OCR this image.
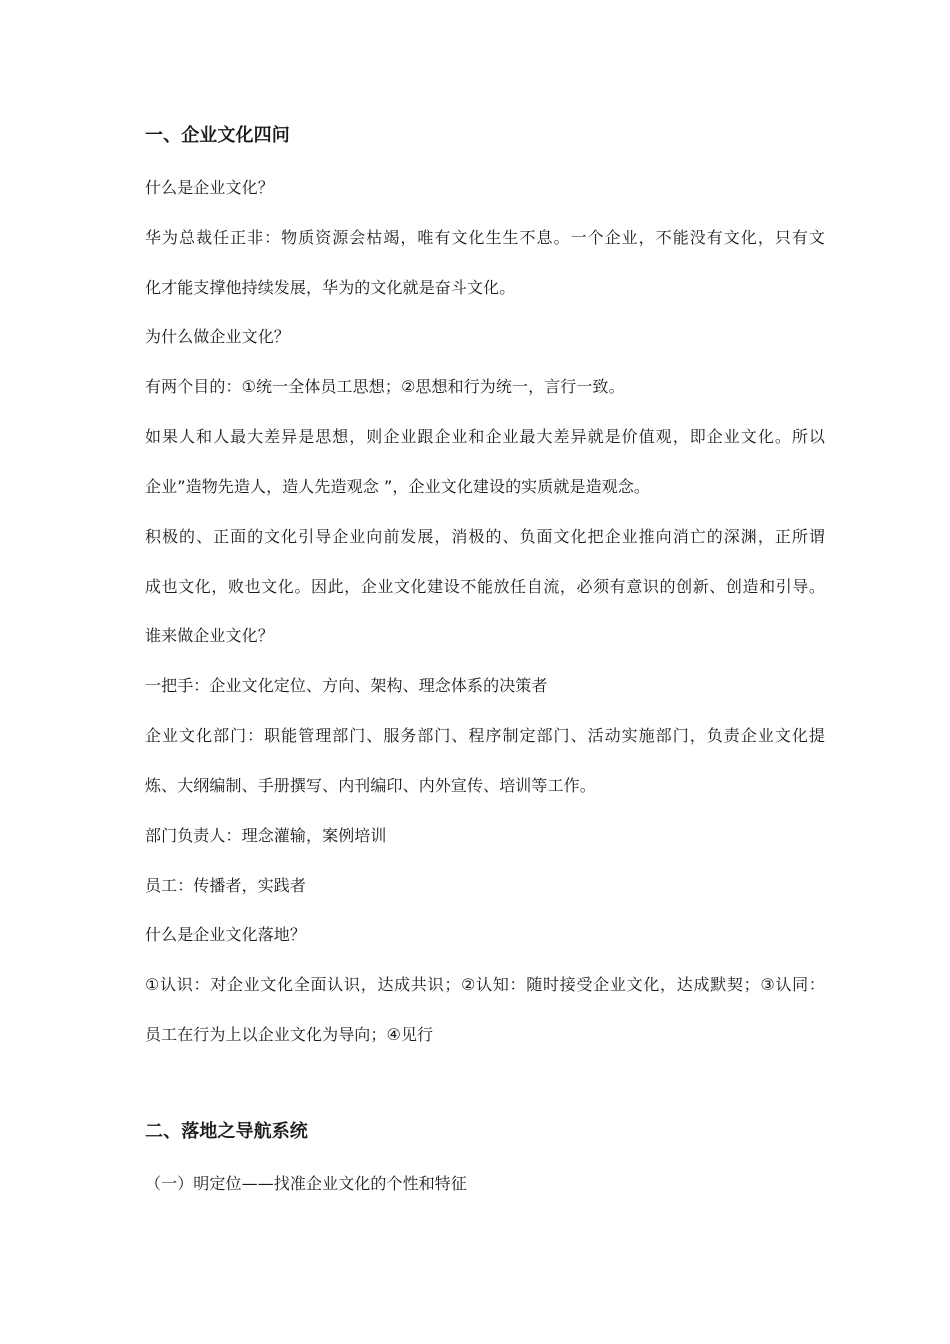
一、企业文化四问
什么是企业文化？
华为总裁任正非：物质资源会枯竭，唯有文化生生不息。一个企业，不能没有文化，只有文
化才能支撑他持续发展，华为的文化就是奋斗文化。
为什么做企业文化？
有两个目的：①统一全体员工思想；②思想和行为统一，言行一致。
如果人和人最大差异是思想，则企业跟企业和企业最大差异就是价值观，即企业文化。所以
企业”造物先造人，造人先造观念 ”，企业文化建设的实质就是造观念。
积极的、正面的文化引导企业向前发展，消极的、负面文化把企业推向消亡的深渊，正所谓
成也文化，败也文化。因此，企业文化建设不能放任自流，必须有意识的创新、创造和引导。
谁来做企业文化？
一把手：企业文化定位、方向、架构、理念体系的决策者
企业文化部门：职能管理部门、服务部门、程序制定部门、活动实施部门，负责企业文化提
炼、大纲编制、手册撰写、内刊编印、内外宣传、培训等工作。
部门负责人：理念灌输，案例培训
员工：传播者，实践者
什么是企业文化落地？
①认识：对企业文化全面认识，达成共识；②认知：随时接受企业文化，达成默契；③认同：
员工在行为上以企业文化为导向；④见行
二、落地之导航系统
（一）明定位——找准企业文化的个性和特征
